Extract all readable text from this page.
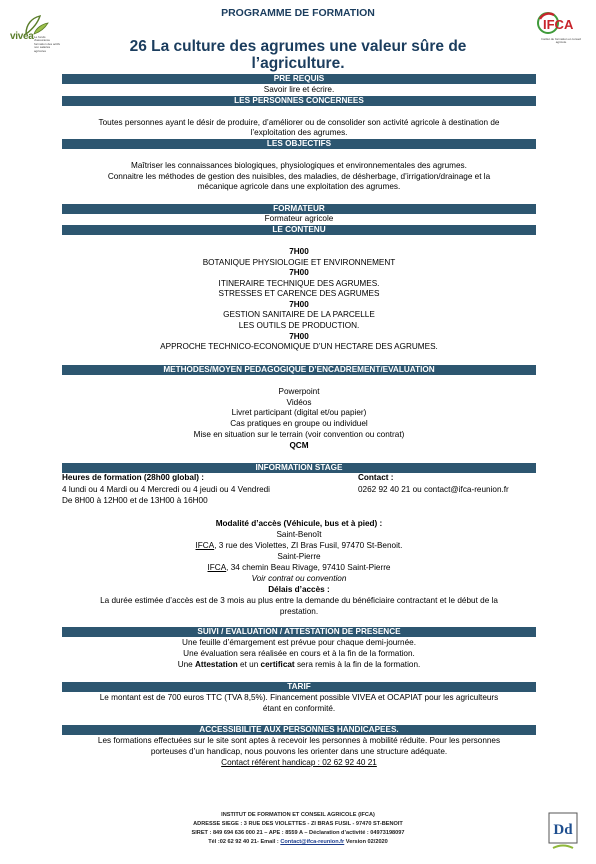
vivea Le fonds d'assurance formation des actifs non salariés agricoles
IFCA
Institut de formation et conseil agricole
PROGRAMME DE FORMATION
26 La culture des agrumes une valeur sûre de
l’agriculture.
PRE REQUIS
Savoir lire et écrire.
LES PERSONNES CONCERNEES
Toutes personnes ayant le désir de produire, d’améliorer ou de consolider son activité agricole à destination de
l’exploitation des agrumes.
LES OBJECTIFS
Maîtriser les connaissances biologiques, physiologiques et environnementales des agrumes.
Connaitre les méthodes de gestion des nuisibles, des maladies, de désherbage, d’irrigation/drainage et la
mécanique agricole dans une exploitation des agrumes.
FORMATEUR
Formateur agricole
LE CONTENU
7H00
BOTANIQUE PHYSIOLOGIE ET ENVIRONNEMENT
7H00
ITINERAIRE TECHNIQUE DES AGRUMES.
STRESSES ET CARENCE DES AGRUMES
7H00
GESTION SANITAIRE DE LA PARCELLE
LES OUTILS DE PRODUCTION.
7H00
APPROCHE TECHNICO-ECONOMIQUE D’UN HECTARE DES AGRUMES.
METHODES/MOYEN PEDAGOGIQUE D’ENCADREMENT/EVALUATION
Powerpoint
Vidéos
Livret participant (digital et/ou papier)
Cas pratiques en groupe ou individuel
Mise en situation sur le terrain (voir convention ou contrat)
QCM
INFORMATION STAGE
Heures de formation (28h00 global) :
4 lundi ou 4 Mardi ou 4 Mercredi ou 4 jeudi ou 4 Vendredi
De 8H00 à 12H00 et de 13H00 à 16H00
Contact :
0262 92 40 21 ou contact@ifca-reunion.fr
Modalité d’accès (Véhicule, bus et à pied) :
Saint-Benoît
IFCA, 3 rue des Violettes, ZI Bras Fusil, 97470 St-Benoit.
Saint-Pierre
IFCA, 34 chemin Beau Rivage, 97410 Saint-Pierre
Voir contrat ou convention
Délais d’accès :
La durée estimée d’accès est de 3 mois au plus entre la demande du bénéficiaire contractant et le début de la
prestation.
SUIVI / EVALUATION / ATTESTATION DE PRESENCE
Une feuille d’émargement est prévue pour chaque demi-journée.
Une évaluation sera réalisée en cours et à la fin de la formation.
Une Attestation et un certificat sera remis à la fin de la formation.
TARIF
Le montant est de 700 euros TTC (TVA 8,5%). Financement possible VIVEA et OCAPIAT pour les agriculteurs
étant en conformité.
ACCESSIBILITE AUX PERSONNES HANDICAPEES.
Les formations effectuées sur le site sont aptes à recevoir les personnes à mobilité réduite. Pour les personnes
porteuses d’un handicap, nous pouvons les orienter dans une structure adéquate.
Contact référent handicap : 02 62 92 40 21
INSTITUT DE FORMATION ET CONSEIL AGRICOLE (IFCA)
ADRESSE SIEGE : 3 RUE DES VIOLETTES - ZI BRAS FUSIL - 97470 ST-BENOIT
SIRET : 849 694 636 000 21 – APE : 8559 A – Déclaration d’activité : 04973198097
Tél :02 62 92 40 21- Email : Contact@ifca-reunion.fr Version 02/2020
Dd
